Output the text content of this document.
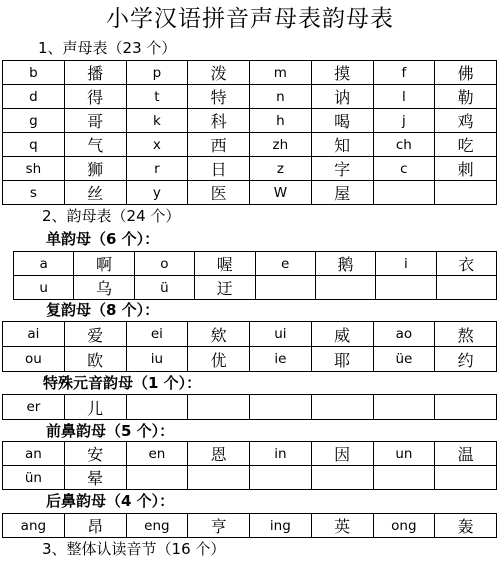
小学汉语拼音声母表韵母表
1、声母表（23 个）
b	播	p	泼	m	摸	f	佛
d	得	t	特	n	讷	l	勒
g	哥	k	科	h	喝	j	鸡
q	气	x	西	zh	知	ch	吃
sh	狮	r	日	z	字	c	刺
s	丝	y	医	W	屋		
2、韵母表（24 个）
单韵母（6 个）：
a	啊	o	喔	e	鹅	i	衣
u	乌	ü	迂				
复韵母（8 个）：
ai	爱	ei	欸	ui	威	ao	熬
ou	欧	iu	优	ie	耶	üe	约
特殊元音韵母（1 个）：
er	儿						
前鼻韵母（5 个）：
an	安	en	恩	in	因	un	温
ün	晕						
后鼻韵母（4 个）：
ang	昂	eng	亨	ing	英	ong	轰
3、整体认读音节（16 个）
